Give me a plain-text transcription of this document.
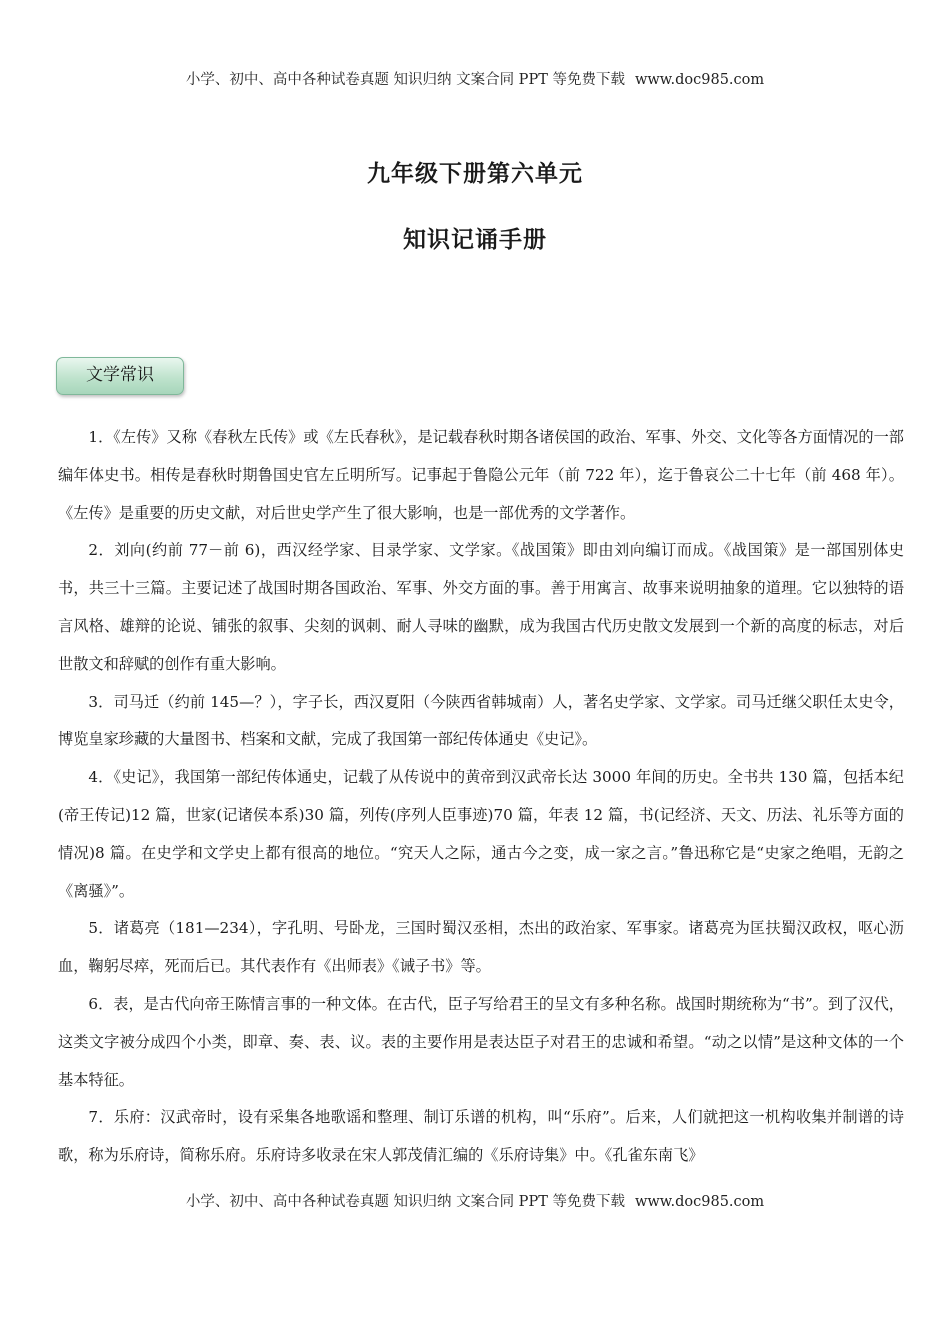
小学、初中、高中各种试卷真题 知识归纳 文案合同 PPT 等免费下载 www.doc985.com
九年级下册第六单元
知识记诵手册
文学常识

1．《左传》又称《春秋左氏传》或《左氏春秋》，是记载春秋时期各诸侯国的政治、军事、外交、文化等各方面情况的一部编年体史书。相传是春秋时期鲁国史官左丘明所写。记事起于鲁隐公元年（前 722 年），迄于鲁哀公二十七年（前 468 年）。《左传》是重要的历史文献，对后世史学产生了很大影响，也是一部优秀的文学著作。

2．刘向(约前 77－前 6)，西汉经学家、目录学家、文学家。《战国策》即由刘向编订而成。《战国策》是一部国别体史书，共三十三篇。主要记述了战国时期各国政治、军事、外交方面的事。善于用寓言、故事来说明抽象的道理。它以独特的语言风格、雄辩的论说、铺张的叙事、尖刻的讽刺、耐人寻味的幽默，成为我国古代历史散文发展到一个新的高度的标志，对后世散文和辞赋的创作有重大影响。

3．司马迁（约前 145—？），字子长，西汉夏阳（今陕西省韩城南）人，著名史学家、文学家。司马迁继父职任太史令，博览皇家珍藏的大量图书、档案和文献，完成了我国第一部纪传体通史《史记》。

4．《史记》，我国第一部纪传体通史，记载了从传说中的黄帝到汉武帝长达 3000 年间的历史。全书共 130 篇，包括本纪(帝王传记)12 篇，世家(记诸侯本系)30 篇，列传(序列人臣事迹)70 篇，年表 12 篇，书(记经济、天文、历法、礼乐等方面的情况)8 篇。在史学和文学史上都有很高的地位。“究天人之际，通古今之变，成一家之言。”鲁迅称它是“史家之绝唱，无韵之《离骚》”。

5．诸葛亮（181—234），字孔明、号卧龙，三国时蜀汉丞相，杰出的政治家、军事家。诸葛亮为匡扶蜀汉政权，呕心沥血，鞠躬尽瘁，死而后已。其代表作有《出师表》《诫子书》等。

6．表，是古代向帝王陈情言事的一种文体。在古代，臣子写给君王的呈文有多种名称。战国时期统称为“书”。到了汉代，这类文字被分成四个小类，即章、奏、表、议。表的主要作用是表达臣子对君王的忠诚和希望。“动之以情”是这种文体的一个基本特征。

7．乐府：汉武帝时，设有采集各地歌谣和整理、制订乐谱的机构，叫“乐府”。后来，人们就把这一机构收集并制谱的诗歌，称为乐府诗，简称乐府。乐府诗多收录在宋人郭茂倩汇编的《乐府诗集》中。《孔雀东南飞》

小学、初中、高中各种试卷真题 知识归纳 文案合同 PPT 等免费下载 www.doc985.com
